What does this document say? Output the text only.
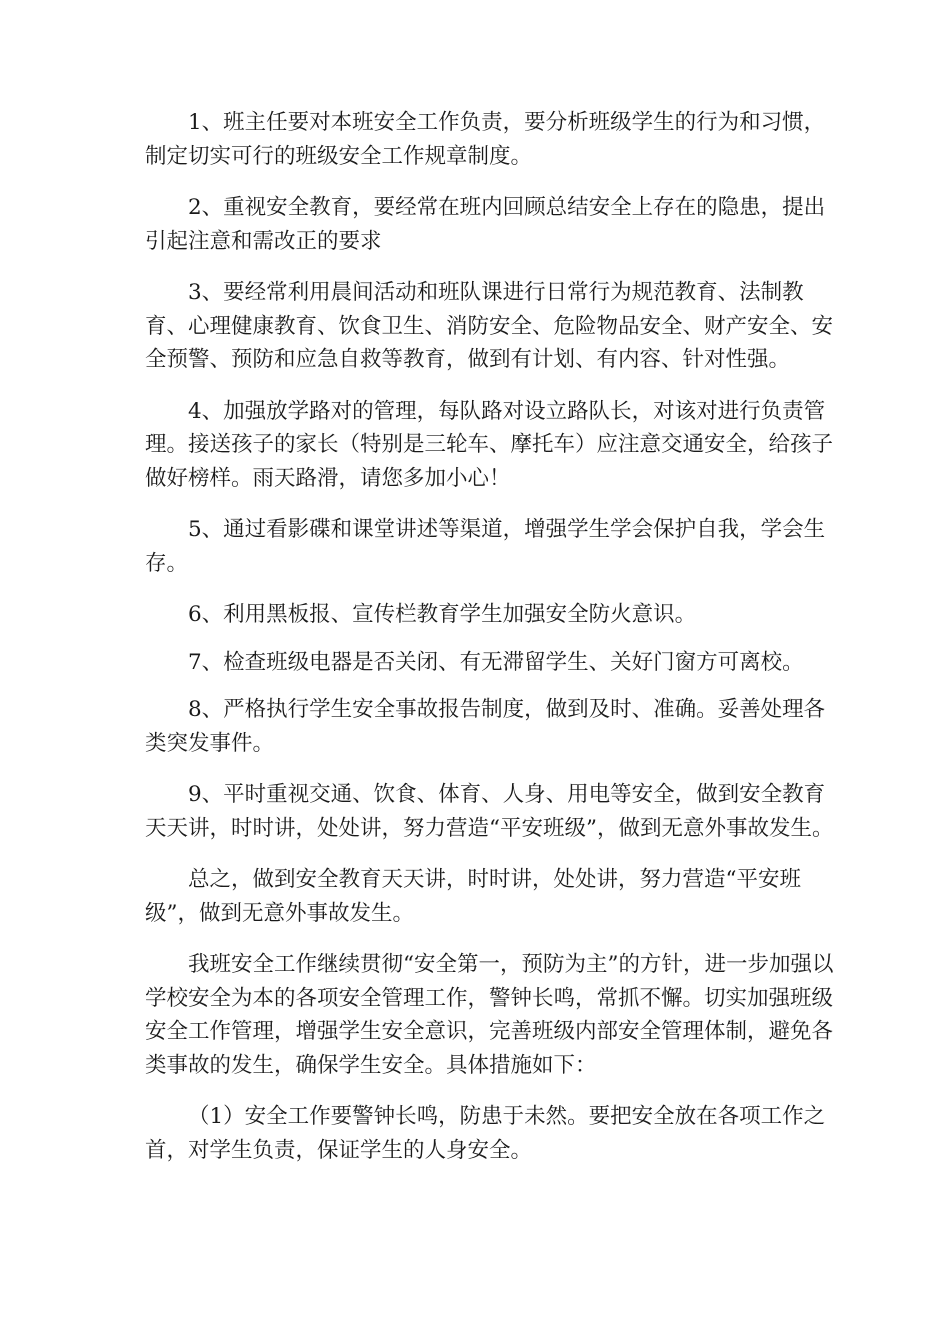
1、班主任要对本班安全工作负责，要分析班级学生的行为和习惯，制定切实可行的班级安全工作规章制度。

2、重视安全教育，要经常在班内回顾总结安全上存在的隐患，提出引起注意和需改正的要求

3、要经常利用晨间活动和班队课进行日常行为规范教育、法制教育、心理健康教育、饮食卫生、消防安全、危险物品安全、财产安全、安全预警、预防和应急自救等教育，做到有计划、有内容、针对性强。

4、加强放学路对的管理，每队路对设立路队长，对该对进行负责管理。接送孩子的家长（特别是三轮车、摩托车）应注意交通安全，给孩子做好榜样。雨天路滑，请您多加小心！

5、通过看影碟和课堂讲述等渠道，增强学生学会保护自我，学会生存。

6、利用黑板报、宣传栏教育学生加强安全防火意识。

7、检查班级电器是否关闭、有无滞留学生、关好门窗方可离校。

8、严格执行学生安全事故报告制度，做到及时、准确。妥善处理各类突发事件。

9、平时重视交通、饮食、体育、人身、用电等安全，做到安全教育天天讲，时时讲，处处讲，努力营造“平安班级”，做到无意外事故发生。

总之，做到安全教育天天讲，时时讲，处处讲，努力营造“平安班级”，做到无意外事故发生。

我班安全工作继续贯彻“安全第一，预防为主”的方针，进一步加强以学校安全为本的各项安全管理工作，警钟长鸣，常抓不懈。切实加强班级安全工作管理，增强学生安全意识，完善班级内部安全管理体制，避免各类事故的发生，确保学生安全。具体措施如下：

（1）安全工作要警钟长鸣，防患于未然。要把安全放在各项工作之首，对学生负责，保证学生的人身安全。
